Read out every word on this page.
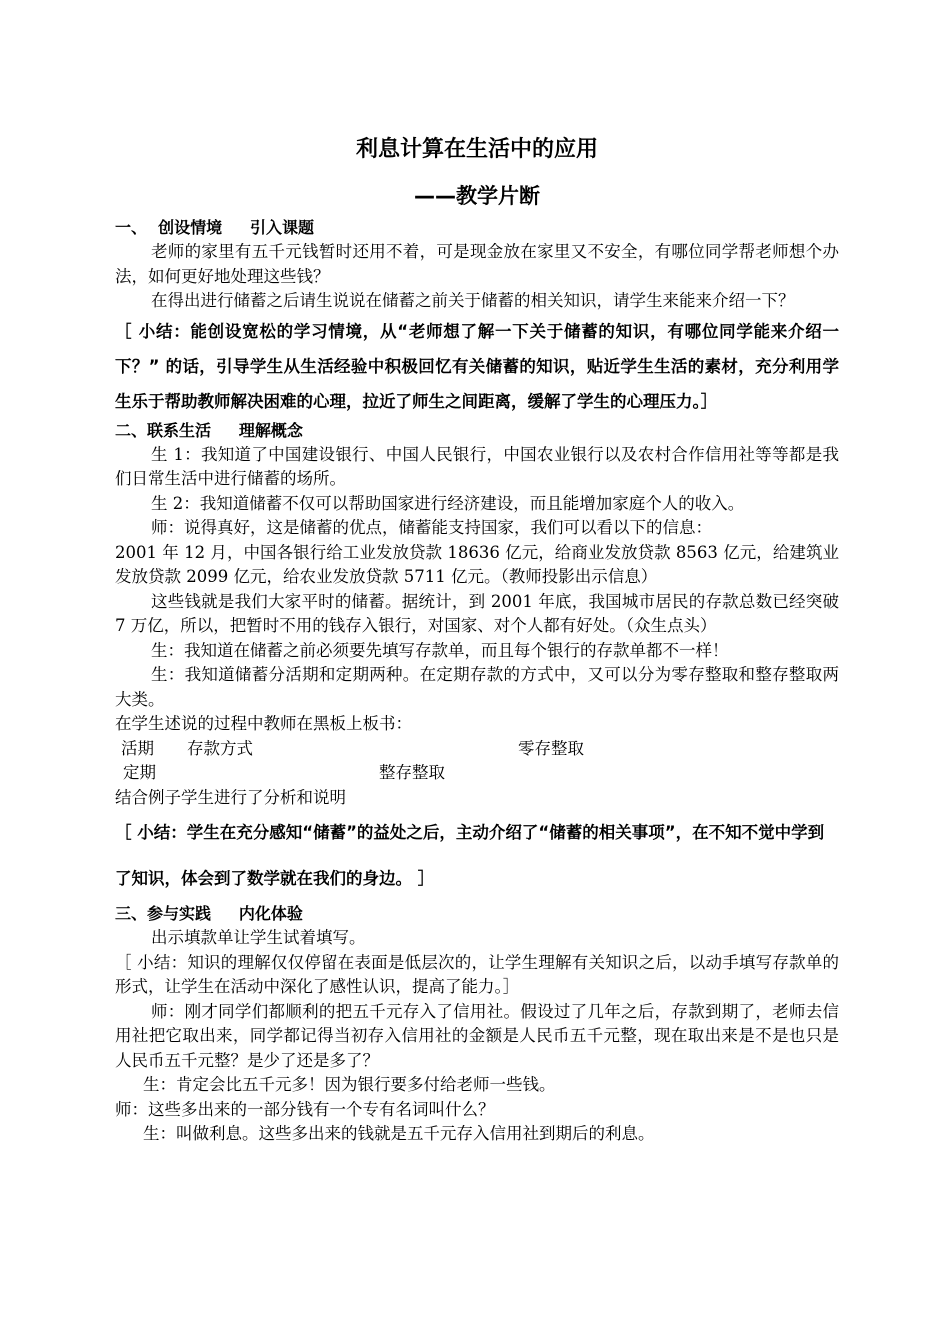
利息计算在生活中的应用
——教学片断

一、  创设情境     引入课题

老师的家里有五千元钱暂时还用不着，可是现金放在家里又不安全，有哪位同学帮老师想个办法，如何更好地处理这些钱？

在得出进行储蓄之后请生说说在储蓄之前关于储蓄的相关知识，请学生来能来介绍一下？

［ 小结：能创设宽松的学习情境，从“老师想了解一下关于储蓄的知识，有哪位同学能来介绍一下？” 的话，引导学生从生活经验中积极回忆有关储蓄的知识，贴近学生生活的素材，充分利用学生乐于帮助教师解决困难的心理，拉近了师生之间距离，缓解了学生的心理压力。］

二、联系生活     理解概念

生 1：我知道了中国建设银行、中国人民银行，中国农业银行以及农村合作信用社等等都是我们日常生活中进行储蓄的场所。

生 2：我知道储蓄不仅可以帮助国家进行经济建设，而且能增加家庭个人的收入。

师：说得真好，这是储蓄的优点，储蓄能支持国家，我们可以看以下的信息：

2001 年 12 月，中国各银行给工业发放贷款 18636 亿元，给商业发放贷款 8563 亿元，给建筑业发放贷款 2099 亿元，给农业发放贷款 5711 亿元。（教师投影出示信息）

这些钱就是我们大家平时的储蓄。据统计，到 2001 年底，我国城市居民的存款总数已经突破 7 万亿，所以，把暂时不用的钱存入银行，对国家、对个人都有好处。（众生点头）

生：我知道在储蓄之前必须要先填写存款单，而且每个银行的存款单都不一样！

生：我知道储蓄分活期和定期两种。在定期存款的方式中，又可以分为零存整取和整存整取两大类。

在学生述说的过程中教师在黑板上板书：

活期 存款方式	零存整取
定期	整存整取

结合例子学生进行了分析和说明

［ 小结：学生在充分感知“储蓄”的益处之后，主动介绍了“储蓄的相关事项”，在不知不觉中学到了知识，体会到了数学就在我们的身边。 ］

三、参与实践     内化体验

出示填款单让学生试着填写。

［ 小结：知识的理解仅仅停留在表面是低层次的，让学生理解有关知识之后，以动手填写存款单的形式，让学生在活动中深化了感性认识，提高了能力。］

师：刚才同学们都顺利的把五千元存入了信用社。假设过了几年之后，存款到期了，老师去信用社把它取出来，同学都记得当初存入信用社的金额是人民币五千元整，现在取出来是不是也只是人民币五千元整？是少了还是多了？

生：肯定会比五千元多！因为银行要多付给老师一些钱。

师：这些多出来的一部分钱有一个专有名词叫什么？

生：叫做利息。这些多出来的钱就是五千元存入信用社到期后的利息。
